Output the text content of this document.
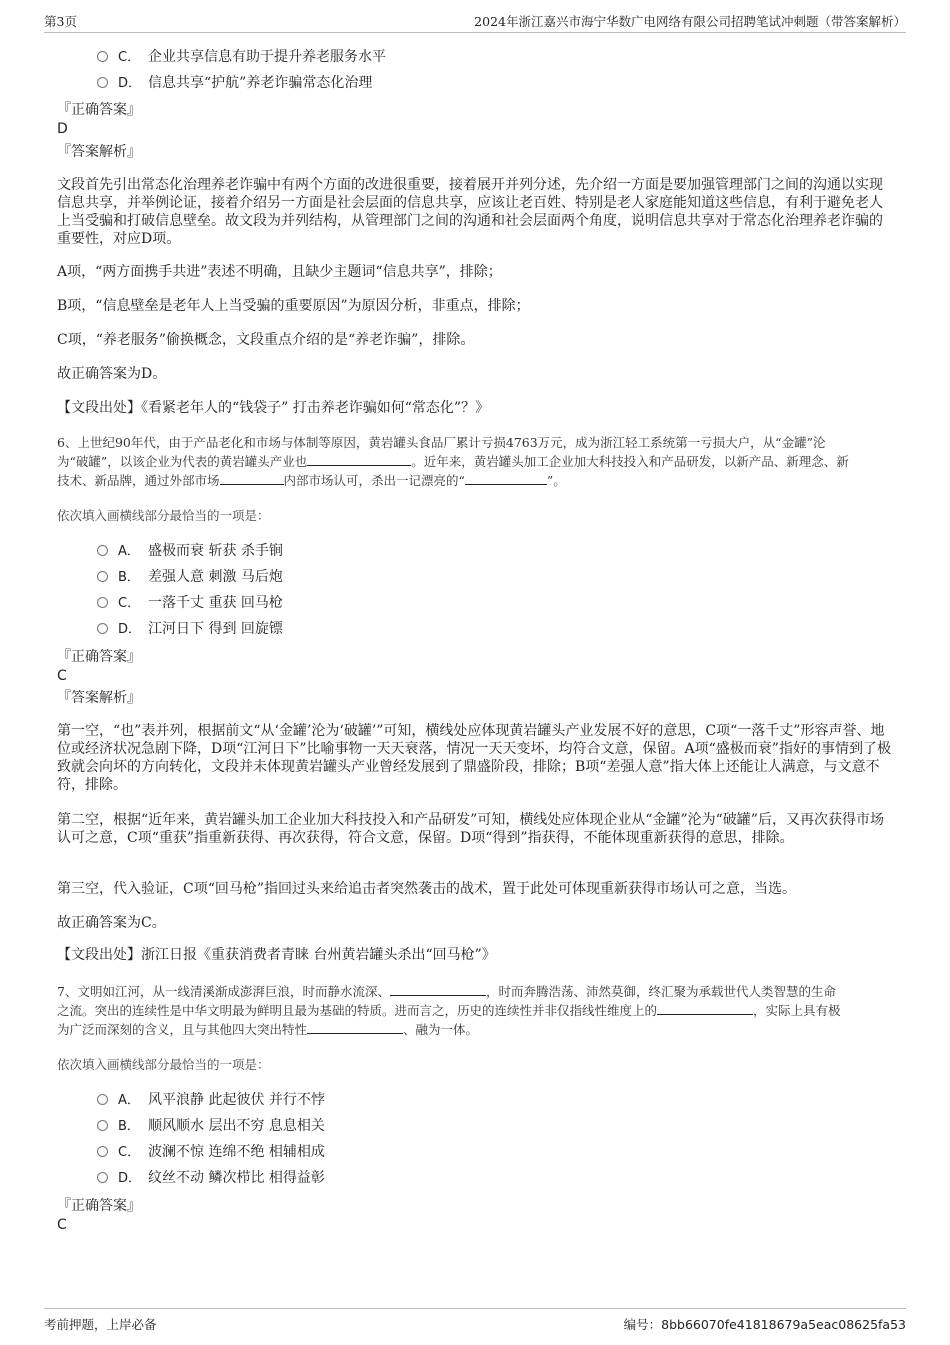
第3页	2024年浙江嘉兴市海宁华数广电网络有限公司招聘笔试冲刺题（带答案解析）
C． 企业共享信息有助于提升养老服务水平
D． 信息共享“护航”养老诈骗常态化治理
『正确答案』
D
『答案解析』
文段首先引出常态化治理养老诈骗中有两个方面的改进很重要，接着展开并列分述，先介绍一方面是要加强管理部门之间的沟通以实现信息共享，并举例论证，接着介绍另一方面是社会层面的信息共享，应该让老百姓、特别是老人家庭能知道这些信息，有利于避免老人上当受骗和打破信息壁垒。故文段为并列结构，从管理部门之间的沟通和社会层面两个角度，说明信息共享对于常态化治理养老诈骗的重要性，对应D项。
A项，“两方面携手共进”表述不明确，且缺少主题词“信息共享”，排除；
B项，“信息壁垒是老年人上当受骗的重要原因”为原因分析，非重点，排除；
C项，“养老服务”偷换概念，文段重点介绍的是“养老诈骗”，排除。
故正确答案为D。
【文段出处】《看紧老年人的“钱袋子” 打击养老诈骗如何“常态化”？》
6、上世纪90年代，由于产品老化和市场与体制等原因，黄岩罐头食品厂累计亏损4763万元，成为浙江轻工系统第一亏损大户，从“金罐”沦
为“破罐”，以该企业为代表的黄岩罐头产业也	。近年来，黄岩罐头加工企业加大科技投入和产品研发，以新产品、新理念、新
技术、新品牌，通过外部市场	内部市场认可，杀出一记漂亮的“	”。
依次填入画横线部分最恰当的一项是：
A． 盛极而衰 斩获 杀手锏
B． 差强人意 刺激 马后炮
C． 一落千丈 重获 回马枪
D． 江河日下 得到 回旋镖
『正确答案』
C
『答案解析』
第一空，“也”表并列，根据前文“从‘金罐’沦为‘破罐’”可知，横线处应体现黄岩罐头产业发展不好的意思，C项“一落千丈”形容声誉、地位或经济状况急剧下降，D项“江河日下”比喻事物一天天衰落，情况一天天变坏，均符合文意，保留。A项“盛极而衰”指好的事情到了极致就会向坏的方向转化，文段并未体现黄岩罐头产业曾经发展到了鼎盛阶段，排除；B项“差强人意”指大体上还能让人满意，与文意不符，排除。
第二空，根据“近年来，黄岩罐头加工企业加大科技投入和产品研发”可知，横线处应体现企业从“金罐”沦为“破罐”后，又再次获得市场认可之意，C项“重获”指重新获得、再次获得，符合文意，保留。D项“得到”指获得，不能体现重新获得的意思，排除。
第三空，代入验证，C项“回马枪”指回过头来给追击者突然袭击的战术，置于此处可体现重新获得市场认可之意，当选。
故正确答案为C。
【文段出处】浙江日报《重获消费者青睐 台州黄岩罐头杀出“回马枪”》
7、文明如江河，从一线清溪渐成澎湃巨浪，时而静水流深、	，时而奔腾浩荡、沛然莫御，终汇聚为承载世代人类智慧的生命
之流。突出的连续性是中华文明最为鲜明且最为基础的特质。进而言之，历史的连续性并非仅指线性维度上的	，实际上具有极
为广泛而深刻的含义，且与其他四大突出特性	、融为一体。
依次填入画横线部分最恰当的一项是：
A． 风平浪静 此起彼伏 并行不悖
B． 顺风顺水 层出不穷 息息相关
C． 波澜不惊 连绵不绝 相辅相成
D． 纹丝不动 鳞次栉比 相得益彰
『正确答案』
C
考前押题，上岸必备	编号：8bb66070fe41818679a5eac08625fa53
